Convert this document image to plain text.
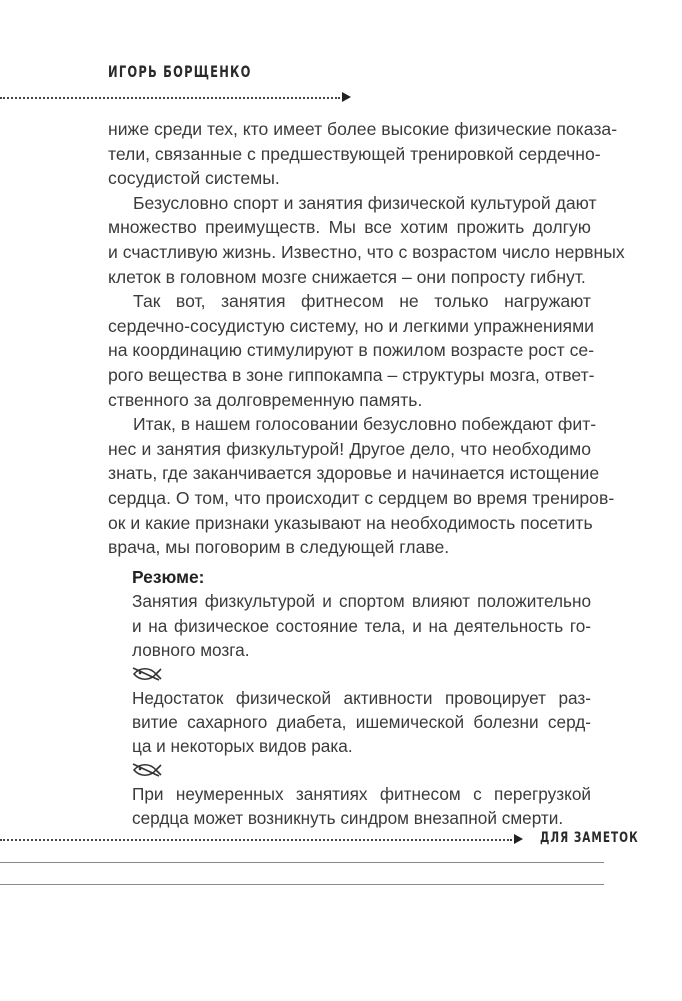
ИГОРЬ БОРЩЕНКО
ниже среди тех, кто имеет более высокие физические показа-
тели, связанные с предшествующей тренировкой сердечно-
сосудистой системы.
Безусловно спорт и занятия физической культурой дают
множество преимуществ. Мы все хотим прожить долгую
и счастливую жизнь. Известно, что с возрастом число нервных
клеток в головном мозге снижается – они попросту гибнут.
Так вот, занятия фитнесом не только нагружают
сердечно-сосудистую систему, но и легкими упражнениями
на координацию стимулируют в пожилом возрасте рост се-
рого вещества в зоне гиппокампа – структуры мозга, ответ-
ственного за долговременную память.
Итак, в нашем голосовании безусловно побеждают фит-
нес и занятия физкультурой! Другое дело, что необходимо
знать, где заканчивается здоровье и начинается истощение
сердца. О том, что происходит с сердцем во время трениров-
ок и какие признаки указывают на необходимость посетить
врача, мы поговорим в следующей главе.
Резюме:
Занятия физкультурой и спортом влияют положительно
и на физическое состояние тела, и на деятельность го-
ловного мозга.
Недостаток физической активности провоцирует раз-
витие сахарного диабета, ишемической болезни серд-
ца и некоторых видов рака.
При неумеренных занятиях фитнесом с перегрузкой
сердца может возникнуть синдром внезапной смерти.
ДЛЯ ЗАМЕТОК
